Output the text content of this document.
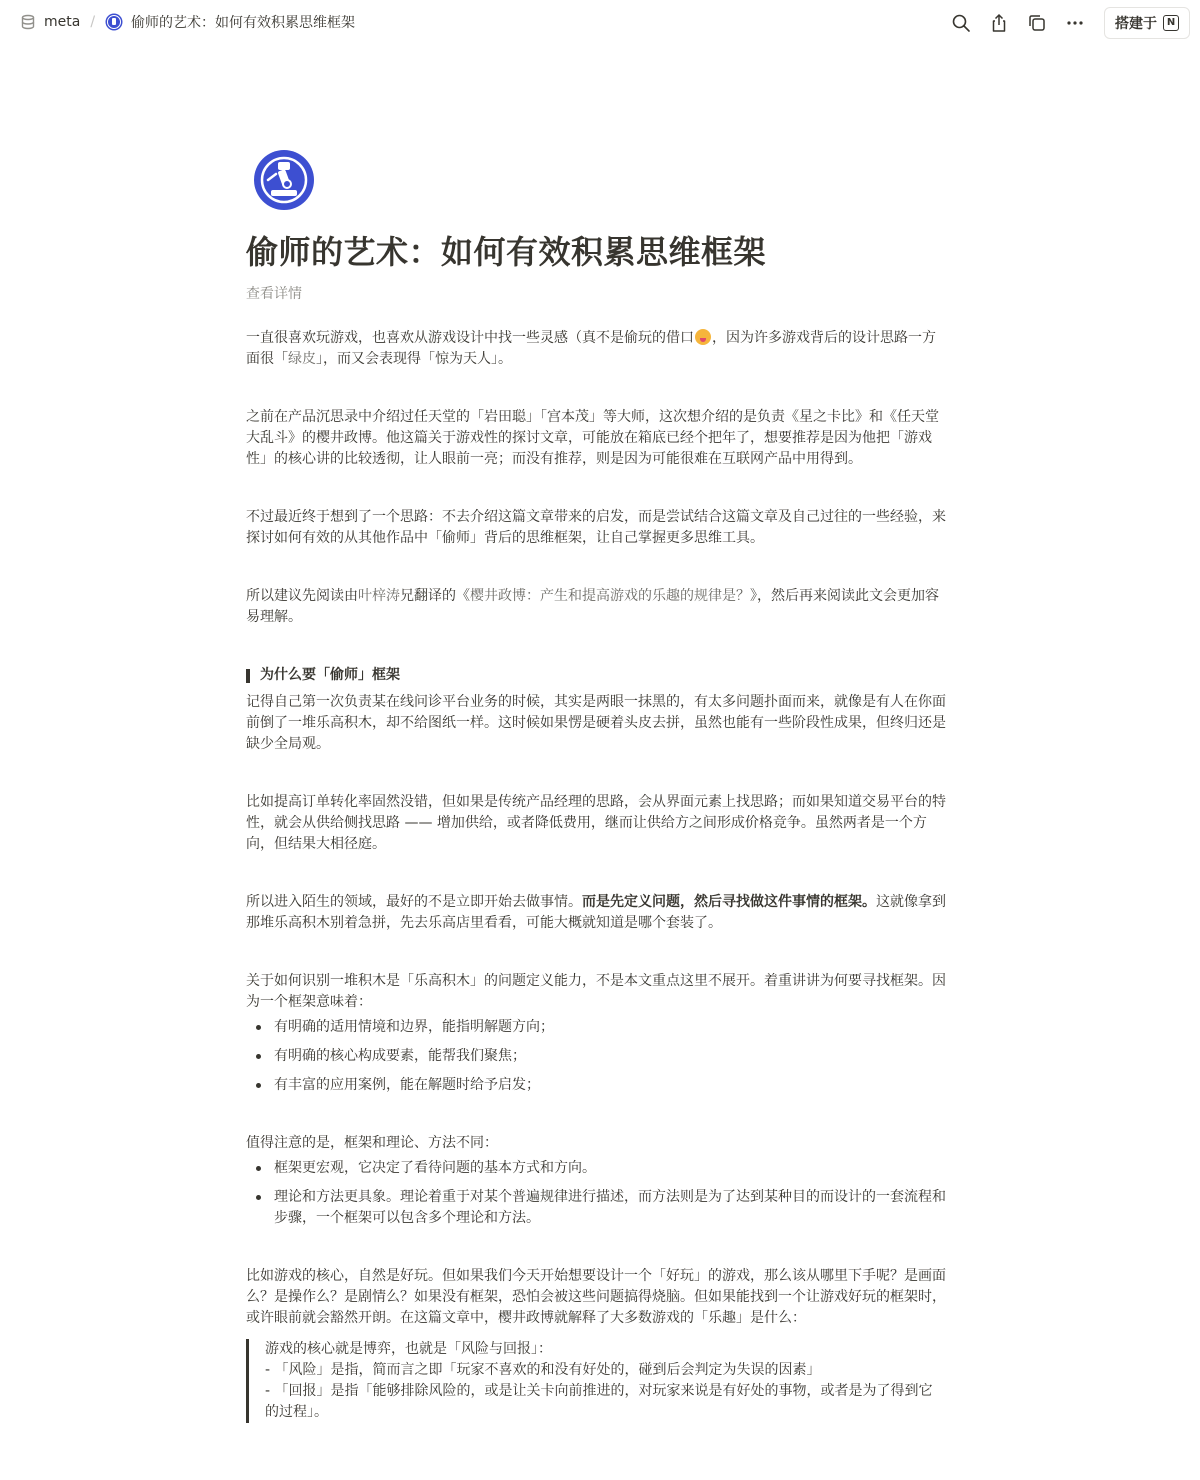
meta /	偷师的艺术：如何有效积累思维框架	搭建于 N
偷师的艺术：如何有效积累思维框架
查看详情

一直很喜欢玩游戏，也喜欢从游戏设计中找一些灵感（真不是偷玩的借口 ，因为许多游戏背后的设计思路一方面很「绿皮」，而又会表现得「惊为天人」。

之前在产品沉思录中介绍过任天堂的「岩田聪」「宫本茂」等大师，这次想介绍的是负责《星之卡比》和《任天堂大乱斗》的樱井政博。他这篇关于游戏性的探讨文章，可能放在箱底已经个把年了，想要推荐是因为他把「游戏性」的核心讲的比较透彻，让人眼前一亮；而没有推荐，则是因为可能很难在互联网产品中用得到。

不过最近终于想到了一个思路：不去介绍这篇文章带来的启发，而是尝试结合这篇文章及自己过往的一些经验，来探讨如何有效的从其他作品中「偷师」背后的思维框架，让自己掌握更多思维工具。

所以建议先阅读由叶梓涛兄翻译的《樱井政博：产生和提高游戏的乐趣的规律是？》，然后再来阅读此文会更加容易理解。

为什么要「偷师」框架

记得自己第一次负责某在线问诊平台业务的时候，其实是两眼一抹黑的，有太多问题扑面而来，就像是有人在你面前倒了一堆乐高积木，却不给图纸一样。这时候如果愣是硬着头皮去拼，虽然也能有一些阶段性成果，但终归还是缺少全局观。

比如提高订单转化率固然没错，但如果是传统产品经理的思路，会从界面元素上找思路；而如果知道交易平台的特性，就会从供给侧找思路 —— 增加供给，或者降低费用，继而让供给方之间形成价格竞争。虽然两者是一个方向，但结果大相径庭。

所以进入陌生的领域，最好的不是立即开始去做事情。而是先定义问题，然后寻找做这件事情的框架。这就像拿到那堆乐高积木别着急拼，先去乐高店里看看，可能大概就知道是哪个套装了。

关于如何识别一堆积木是「乐高积木」的问题定义能力，不是本文重点这里不展开。着重讲讲为何要寻找框架。因为一个框架意味着：

有明确的适用情境和边界，能指明解题方向；
有明确的核心构成要素，能帮我们聚焦；
有丰富的应用案例，能在解题时给予启发；

值得注意的是，框架和理论、方法不同：

框架更宏观，它决定了看待问题的基本方式和方向。
理论和方法更具象。理论着重于对某个普遍规律进行描述，而方法则是为了达到某种目的而设计的一套流程和步骤，一个框架可以包含多个理论和方法。

比如游戏的核心，自然是好玩。但如果我们今天开始想要设计一个「好玩」的游戏，那么该从哪里下手呢？是画面么？是操作么？是剧情么？如果没有框架，恐怕会被这些问题搞得烧脑。但如果能找到一个让游戏好玩的框架时，或许眼前就会豁然开朗。在这篇文章中，樱井政博就解释了大多数游戏的「乐趣」是什么：

游戏的核心就是博弈，也就是「风险与回报」：
- 「风险」是指，简而言之即「玩家不喜欢的和没有好处的，碰到后会判定为失误的因素」
- 「回报」是指「能够排除风险的，或是让关卡向前推进的，对玩家来说是有好处的事物，或者是为了得到它的过程」。
